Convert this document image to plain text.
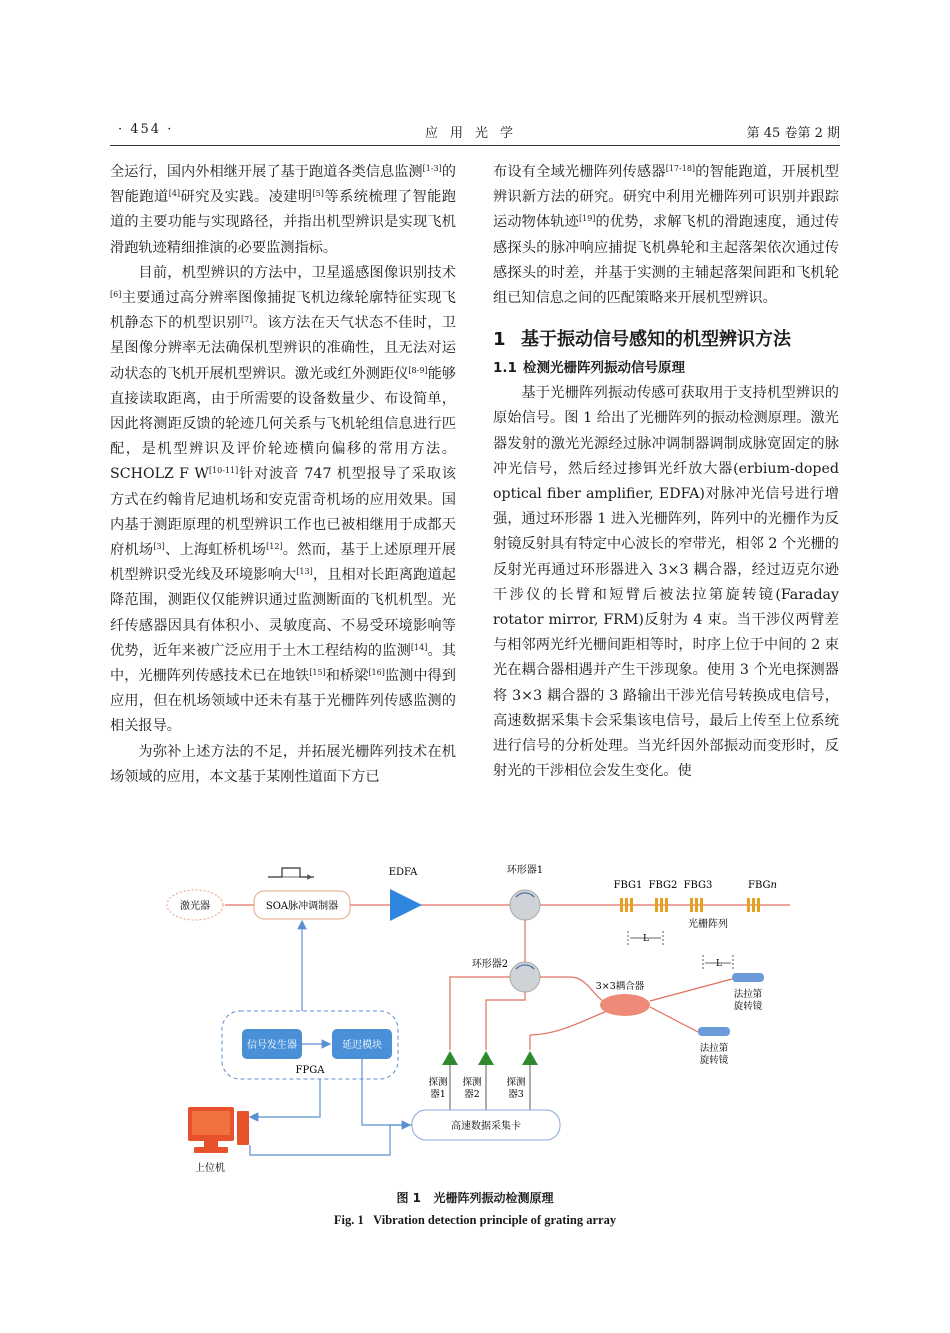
· 454 ·	应用光学	第 45 卷第 2 期

全运行，国内外相继开展了基于跑道各类信息监测[1-3]的智能跑道[4]研究及实践。凌建明[5]等系统梳理了智能跑道的主要功能与实现路径，并指出机型辨识是实现飞机滑跑轨迹精细推演的必要监测指标。

目前，机型辨识的方法中，卫星遥感图像识别技术[6]主要通过高分辨率图像捕捉飞机边缘轮廓特征实现飞机静态下的机型识别[7]。该方法在天气状态不佳时，卫星图像分辨率无法确保机型辨识的准确性，且无法对运动状态的飞机开展机型辨识。激光或红外测距仪[8-9]能够直接读取距离，由于所需要的设备数量少、布设简单，因此将测距反馈的轮迹几何关系与飞机轮组信息进行匹配，是机型辨识及评价轮迹横向偏移的常用方法。SCHOLZ F W[10-11]针对波音 747 机型报导了采取该方式在约翰肯尼迪机场和安克雷奇机场的应用效果。国内基于测距原理的机型辨识工作也已被相继用于成都天府机场[3]、上海虹桥机场[12]。然而，基于上述原理开展机型辨识受光线及环境影响大[13]，且相对长距离跑道起降范围，测距仪仅能辨识通过监测断面的飞机机型。光纤传感器因具有体积小、灵敏度高、不易受环境影响等优势，近年来被广泛应用于土木工程结构的监测[14]。其中，光栅阵列传感技术已在地铁[15]和桥梁[16]监测中得到应用，但在机场领域中还未有基于光栅阵列传感监测的相关报导。

为弥补上述方法的不足，并拓展光栅阵列技术在机场领域的应用，本文基于某刚性道面下方已

布设有全域光栅阵列传感器[17-18]的智能跑道，开展机型辨识新方法的研究。研究中利用光栅阵列可识别并跟踪运动物体轨迹[19]的优势，求解飞机的滑跑速度，通过传感探头的脉冲响应捕捉飞机鼻轮和主起落架依次通过传感探头的时差，并基于实测的主辅起落架间距和飞机轮组已知信息之间的匹配策略来开展机型辨识。

1 基于振动信号感知的机型辨识方法
1.1 检测光栅阵列振动信号原理

基于光栅阵列振动传感可获取用于支持机型辨识的原始信号。图 1 给出了光栅阵列的振动检测原理。激光器发射的激光光源经过脉冲调制器调制成脉宽固定的脉冲光信号，然后经过掺铒光纤放大器(erbium-doped optical fiber amplifier, EDFA)对脉冲光信号进行增强，通过环形器 1 进入光栅阵列，阵列中的光栅作为反射镜反射具有特定中心波长的窄带光，相邻 2 个光栅的反射光再通过环形器进入 3×3 耦合器，经过迈克尔逊干涉仪的长臂和短臂后被法拉第旋转镜(Faraday rotator mirror, FRM)反射为 4 束。当干涉仪两臂差与相邻两光纤光栅间距相等时，时序上位于中间的 2 束光在耦合器相遇并产生干涉现象。使用 3 个光电探测器将 3×3 耦合器的 3 路输出干涉光信号转换成电信号，高速数据采集卡会采集该电信号，最后上传至上位系统进行信号的分析处理。当光纤因外部振动而变形时，反射光的干涉相位会发生变化。使

激光器	SOA脉冲调制器
EDFA	环形器1
FBG1 FBG2 FBG3	FBGn
L
光栅阵列
环形器2
3×3耦合器
法拉第
旋转镜
法拉第
旋转镜
L
探测
器1
探测
器2
探测
器3
高速数据采集卡
信号发生器	延迟模块
FPGA
上位机
图 1 光栅阵列振动检测原理
Fig. 1 Vibration detection principle of grating array
